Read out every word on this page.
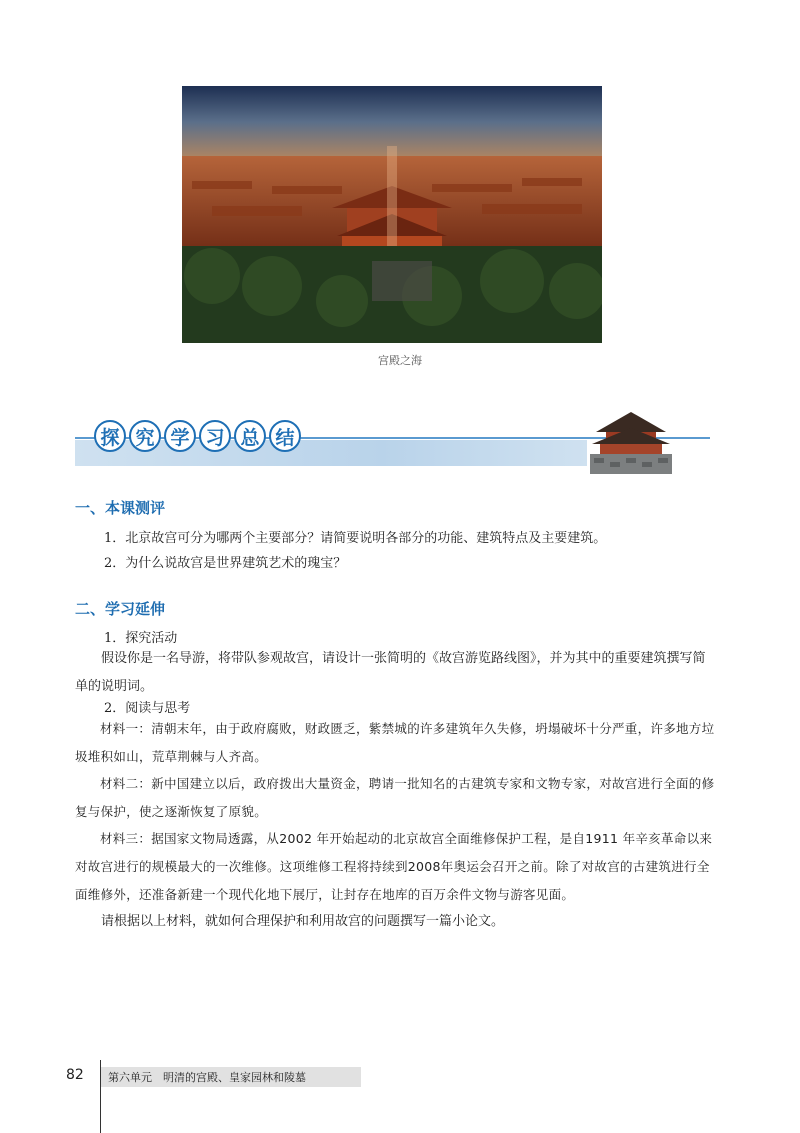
宫殿之海
探 究 学 习 总 结
一、本课测评
1．北京故宫可分为哪两个主要部分？请简要说明各部分的功能、建筑特点及主要建筑。
2．为什么说故宫是世界建筑艺术的瑰宝？
二、学习延伸
1．探究活动
假设你是一名导游，将带队参观故宫，请设计一张简明的《故宫游览路线图》，并为其中的重要建筑撰写简单的说明词。
2．阅读与思考
材料一：清朝末年，由于政府腐败，财政匮乏，紫禁城的许多建筑年久失修，坍塌破坏十分严重，许多地方垃圾堆积如山，荒草荆棘与人齐高。
材料二：新中国建立以后，政府拨出大量资金，聘请一批知名的古建筑专家和文物专家，对故宫进行全面的修复与保护，使之逐渐恢复了原貌。
材料三：据国家文物局透露，从2002 年开始起动的北京故宫全面维修保护工程，是自1911 年辛亥革命以来对故宫进行的规模最大的一次维修。这项维修工程将持续到2008年奥运会召开之前。除了对故宫的古建筑进行全面维修外，还准备新建一个现代化地下展厅，让封存在地库的百万余件文物与游客见面。
请根据以上材料，就如何合理保护和利用故宫的问题撰写一篇小论文。
82 第六单元　明清的宫殿、皇家园林和陵墓
